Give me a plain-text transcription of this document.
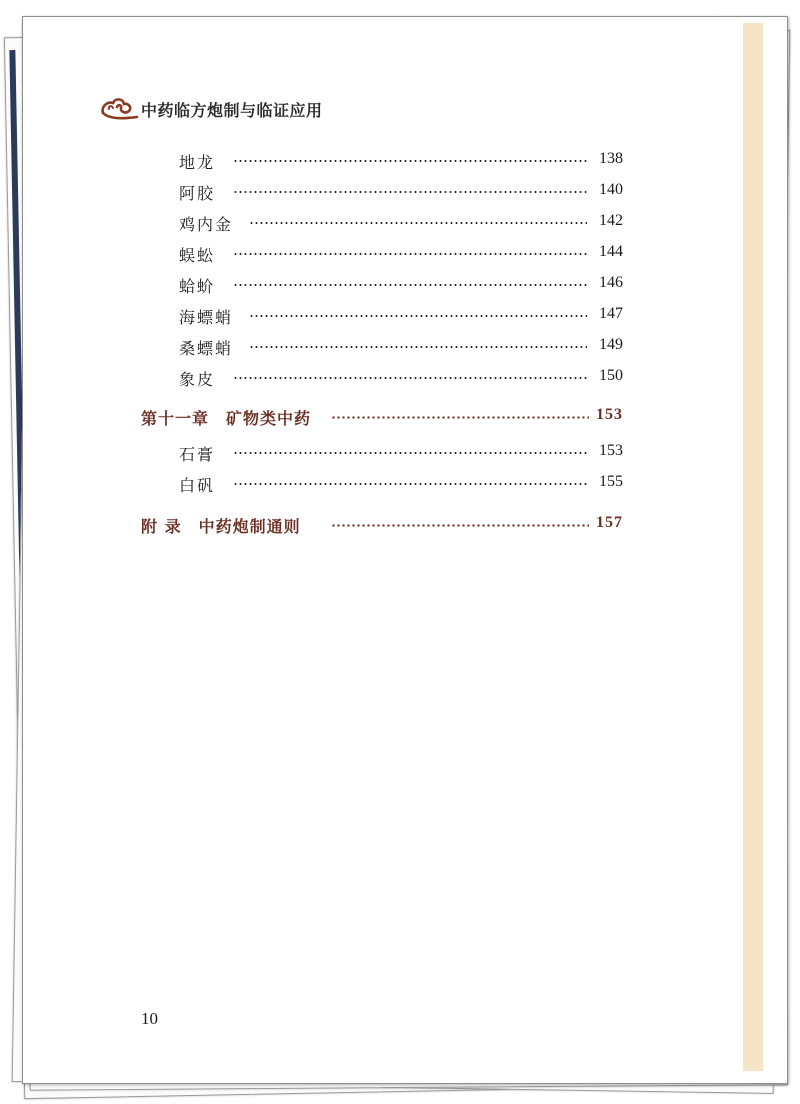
中药临方炮制与临证应用
地龙	138
阿胶	140
鸡内金	142
蜈蚣	144
蛤蚧	146
海螵蛸	147
桑螵蛸	149
象皮	150
第十一章　矿物类中药	153
石膏	153
白矾	155
附 录　中药炮制通则	157
10
